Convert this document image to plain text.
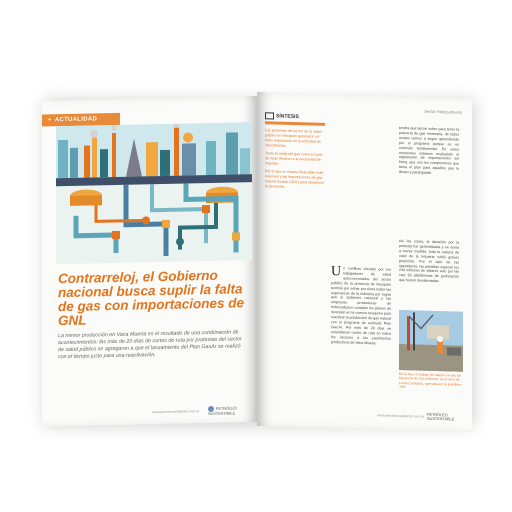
+ ACTUALIDAD
Contrarreloj, el Gobierno nacional busca suplir la falta de gas con importaciones de GNL
La menor producción en Vaca Muerta es el resultado de una combinación de acontecimientos: las más de 20 días de cortes de ruta por protestas del sector de salud público se agregaron a que el lanzamiento del Plan GasAr se realizó con el tiempo justo para una reactivación.
www.petroleoyarbiente.com.ar
PETRÓLEO SUSTENTABLE
Sector Hidrocarburos
SÍNTESIS
Las protestas del sector de la salud público en Neuquén generaron un freno impensado en la actividad de Vaca Muerta.
Tanto la caída del gas como el corte de rutas llevaron a la necesidad de importar.
Por lo que se estaría disponible más reservas y las importaciones de gas natural licuado (GNL) para abastecer la demanda.
Un conflicto iniciado por los trabajadores de salud autoconvocados del sector público de la provincia de Neuquén terminó por echar por tierra todas las esperanzas de la industria por lograr que el Gobierno nacional y las empresas productoras de hidrocarburos cumplan los planes de inversión en la cuenca neuquina para reactivar la producción de gas natural con el programa de estímulo Plan Gas.Ar. Por más de 20 días se extendieron cortes de ruta en todos los accesos a los yacimientos productivos de Vaca Muerta.
tendrá que lanzar sobre para tener la potencia de gas necesaria, de todos modos vamos a seguir aprendiendo por el programa porque es un estímulo fundamental. En estos momentos estamos evaluando el reglamento de exportaciones sin firma, que son los compromisos que tenía el plan para aquellos que lo llenen y participarán.
Así las cosas, la situación por la protesta fue generalizada y se sumó a menor medida, toda la cadena de valor de la industria sufrió graves perjuicios. Por el lado de las operadoras, las pérdidas superan los 230 millones de dólares solo por las casi 50 plataformas de perforación que fueron desafectadas.
En la foto, el trabajo de campo en uno de los pozos de Vaca Muerta, en el área de Loma Campana, operada por la petrolera YPF.
www.petroleoyarbiente.com.ar PETRÓLEO SUSTENTABLE
